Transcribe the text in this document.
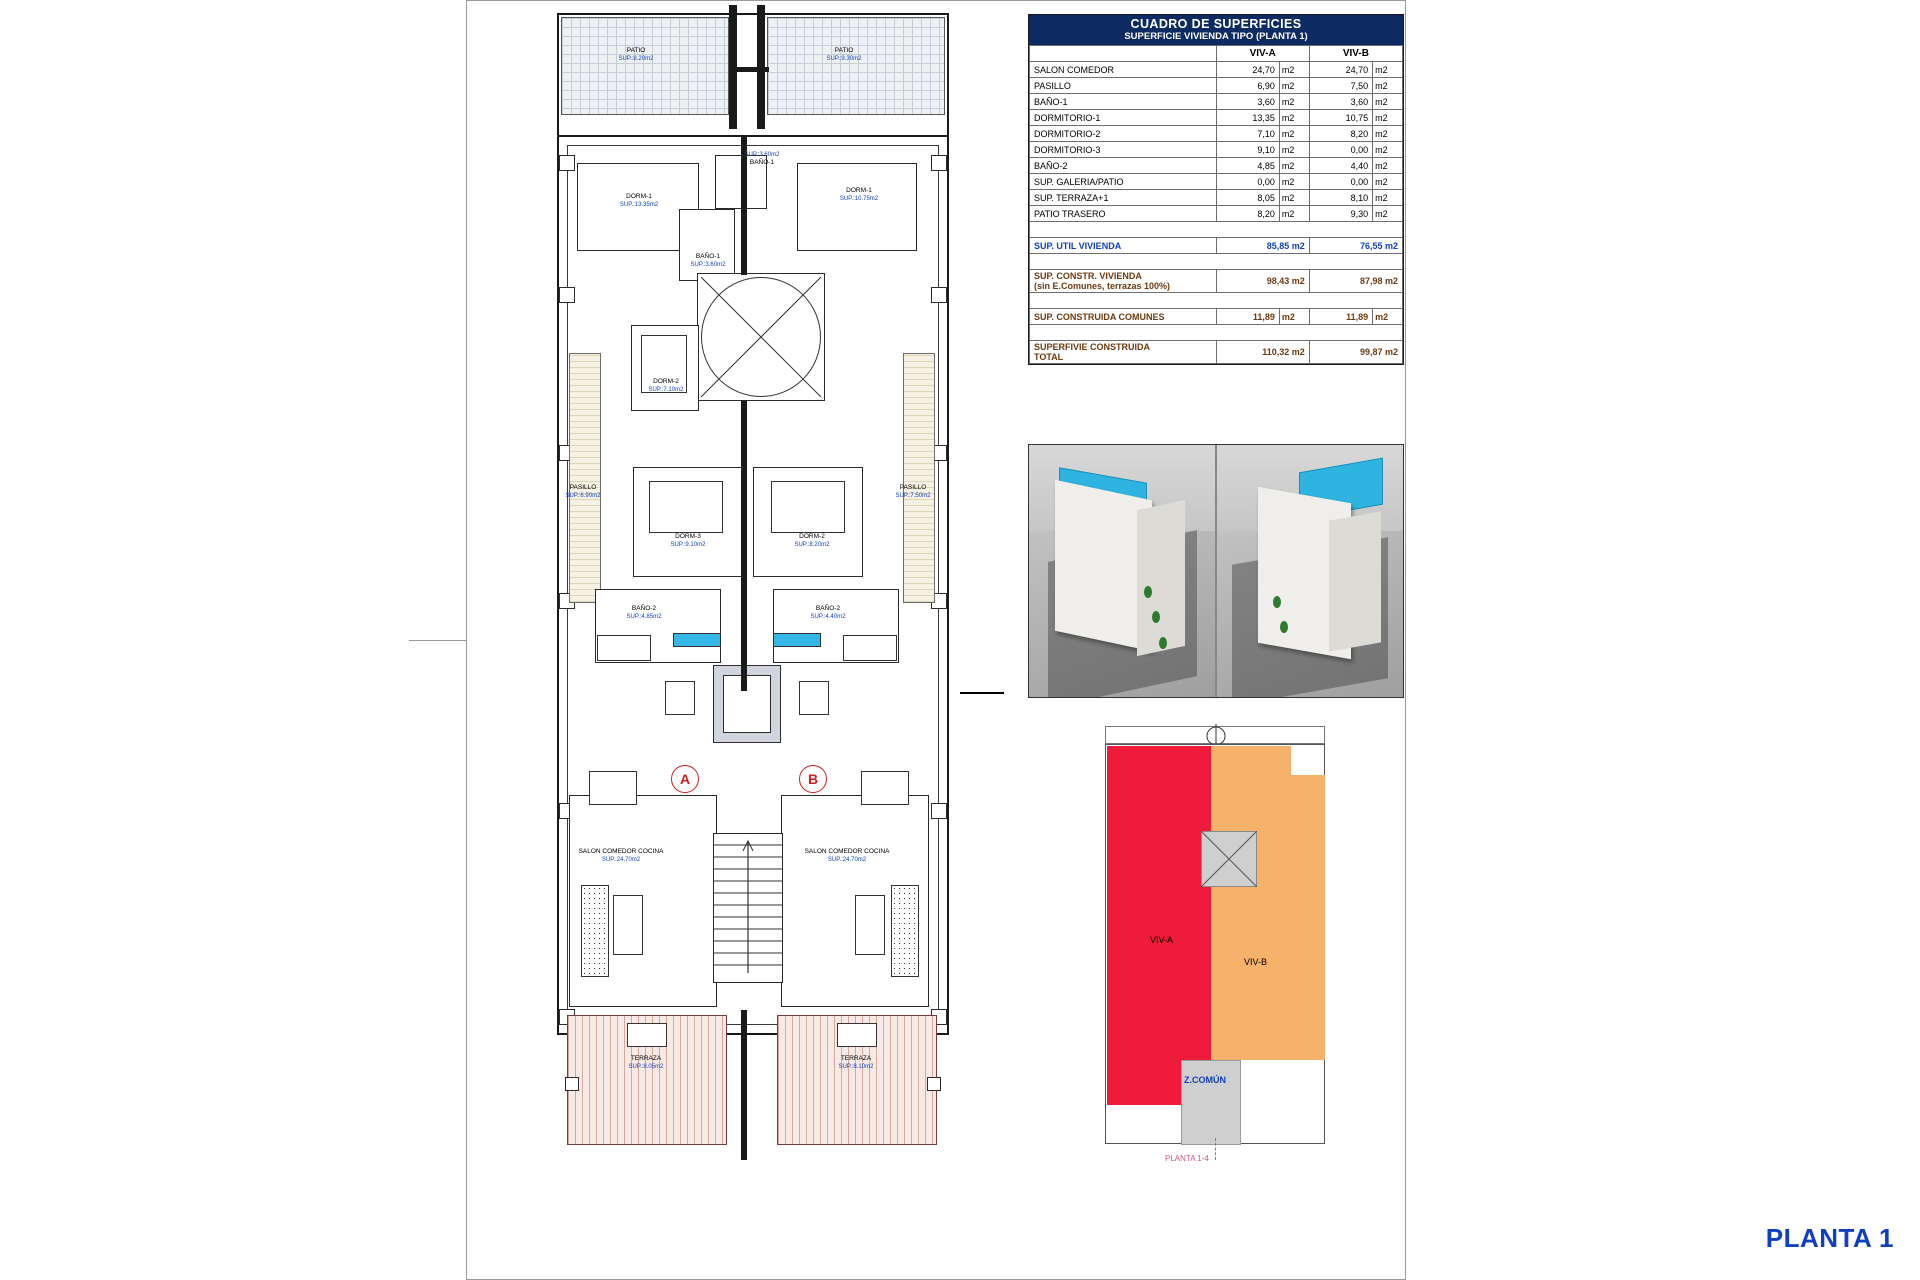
A	B
PATIO
SUP.:8.20m2
PATIO
SUP.:9.30m2
SUP.:3.60m2
BAÑO-1
DORM-1
SUP.:13.35m2
DORM-1
SUP.:10.75m2
BAÑO-1
SUP.:3.60m2
DORM-2
SUP.:7.10m2
PASILLO
SUP.:6.90m2
PASILLO
SUP.:7.50m2
DORM-3
SUP.:9.10m2
DORM-2
SUP.:8.20m2
BAÑO-2
SUP.:4.85m2
BAÑO-2
SUP.:4.40m2
SALON COMEDOR COCINA
SUP.:24.70m2
SALON COMEDOR COCINA
SUP.:24.70m2
TERRAZA
SUP.:8.05m2
TERRAZA
SUP.:8.10m2
CUADRO DE SUPERFICIES
SUPERFICIE VIVIENDA TIPO (PLANTA 1)
	VIV-A		VIV-B	
SALON COMEDOR	24,70	m2	24,70	m2
PASILLO	6,90	m2	7,50	m2
BAÑO-1	3,60	m2	3,60	m2
DORMITORIO-1	13,35	m2	10,75	m2
DORMITORIO-2	7,10	m2	8,20	m2
DORMITORIO-3	9,10	m2	0,00	m2
BAÑO-2	4,85	m2	4,40	m2
SUP. GALERIA/PATIO	0,00	m2	0,00	m2
SUP. TERRAZA+1	8,05	m2	8,10	m2
PATIO TRASERO	8,20	m2	9,30	m2

SUP. UTIL VIVIENDA	85,85 m2		76,55 m2	

SUP. CONSTR. VIVIENDA
(sin E.Comunes, terrazas 100%)	98,43 m2		87,98 m2	

SUP. CONSTRUIDA COMUNES	11,89	m2	11,89	m2

SUPERFIVIE CONSTRUIDA
TOTAL	110,32 m2		99,87 m2	
VIV-A
VIV-B
Z.COMÚN
PLANTA 1-4
PLANTA 1
